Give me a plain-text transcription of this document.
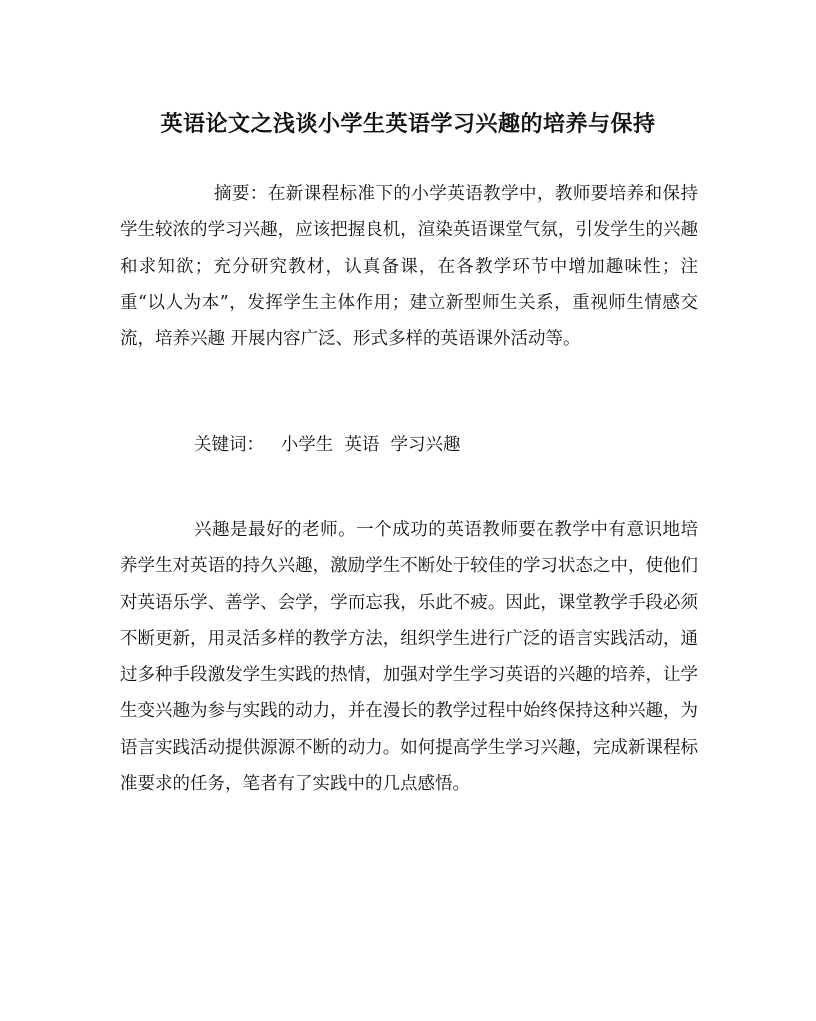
英语论文之浅谈小学生英语学习兴趣的培养与保持

摘要：在新课程标准下的小学英语教学中，教师要培养和保持学生较浓的学习兴趣，应该把握良机，渲染英语课堂气氛，引发学生的兴趣和求知欲；充分研究教材，认真备课，在各教学环节中增加趣味性；注重“以人为本”，发挥学生主体作用；建立新型师生关系，重视师生情感交流，培养兴趣 开展内容广泛、形式多样的英语课外活动等。

关键词：   小学生  英语  学习兴趣

兴趣是最好的老师。一个成功的英语教师要在教学中有意识地培养学生对英语的持久兴趣，激励学生不断处于较佳的学习状态之中，使他们对英语乐学、善学、会学，学而忘我，乐此不疲。因此，课堂教学手段必须不断更新，用灵活多样的教学方法，组织学生进行广泛的语言实践活动，通过多种手段激发学生实践的热情，加强对学生学习英语的兴趣的培养，让学生变兴趣为参与实践的动力，并在漫长的教学过程中始终保持这种兴趣，为语言实践活动提供源源不断的动力。如何提高学生学习兴趣，完成新课程标准要求的任务，笔者有了实践中的几点感悟。
